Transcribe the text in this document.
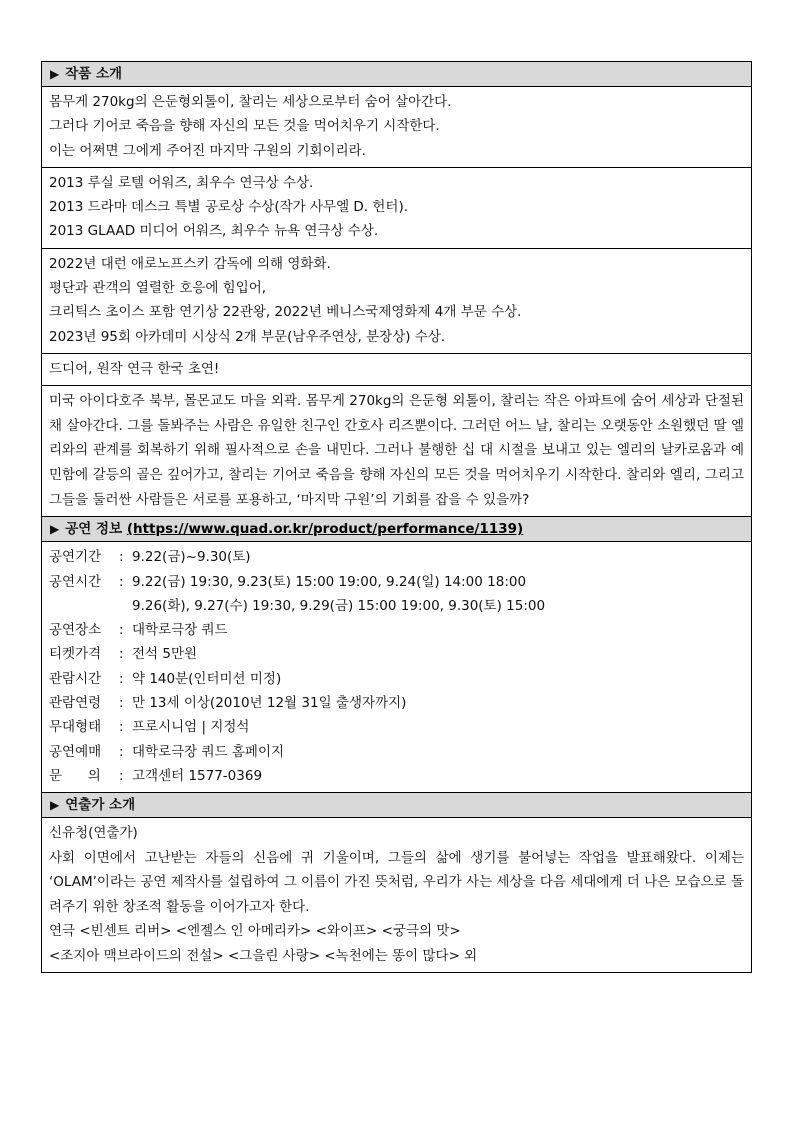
▶ 작품 소개
몸무게 270kg의 은둔형외톨이, 찰리는 세상으로부터 숨어 살아간다.
그러다 기어코 죽음을 향해 자신의 모든 것을 먹어치우기 시작한다.
이는 어쩌면 그에게 주어진 마지막 구원의 기회이리라.
2013 루실 로텔 어워즈, 최우수 연극상 수상.
2013 드라마 데스크 특별 공로상 수상(작가 사무엘 D. 헌터).
2013 GLAAD 미디어 어워즈, 최우수 뉴욕 연극상 수상.
2022년 대런 애로노프스키 감독에 의해 영화화.
평단과 관객의 열렬한 호응에 힘입어,
크리틱스 초이스 포함 연기상 22관왕, 2022년 베니스국제영화제 4개 부문 수상.
2023년 95회 아카데미 시상식 2개 부문(남우주연상, 분장상) 수상.
드디어, 원작 연극 한국 초연!
미국 아이다호주 북부, 몰몬교도 마을 외곽. 몸무게 270kg의 은둔형 외톨이, 찰리는 작은 아파트에 숨어 세상과 단절된 채 살아간다. 그를 돌봐주는 사람은 유일한 친구인 간호사 리즈뿐이다. 그러던 어느 날, 찰리는 오랫동안 소원했던 딸 엘리와의 관계를 회복하기 위해 필사적으로 손을 내민다. 그러나 불행한 십 대 시절을 보내고 있는 엘리의 날카로움과 예민함에 갈등의 골은 깊어가고, 찰리는 기어코 죽음을 향해 자신의 모든 것을 먹어치우기 시작한다. 찰리와 엘리, 그리고 그들을 둘러싼 사람들은 서로를 포용하고, ‘마지막 구원’의 기회를 잡을 수 있을까?
▶ 공연 정보 (https://www.quad.or.kr/product/performance/1139)
공연기간	: 9.22(금)~9.30(토)
공연시간	: 9.22(금) 19:30, 9.23(토) 15:00 19:00, 9.24(일) 14:00 18:00
9.26(화), 9.27(수) 19:30, 9.29(금) 15:00 19:00, 9.30(토) 15:00
공연장소	: 대학로극장 쿼드
티켓가격	: 전석 5만원
관람시간	: 약 140분(인터미션 미정)
관람연령	: 만 13세 이상(2010년 12월 31일 출생자까지)
무대형태	: 프로시니엄 | 지정석
공연예매	: 대학로극장 쿼드 홈페이지
문      의	: 고객센터 1577-0369
▶ 연출가 소개
신유청(연출가)
사회 이면에서 고난받는 자들의 신음에 귀 기울이며, 그들의 삶에 생기를 불어넣는 작업을 발표해왔다. 이제는 ‘OLAM’이라는 공연 제작사를 설립하여 그 이름이 가진 뜻처럼, 우리가 사는 세상을 다음 세대에게 더 나은 모습으로 돌려주기 위한 창조적 활동을 이어가고자 한다.
연극 <빈센트 리버> <엔젤스 인 아메리카> <와이프> <궁극의 맛>
<조지아 맥브라이드의 전설> <그을린 사랑> <녹천에는 똥이 많다> 외
